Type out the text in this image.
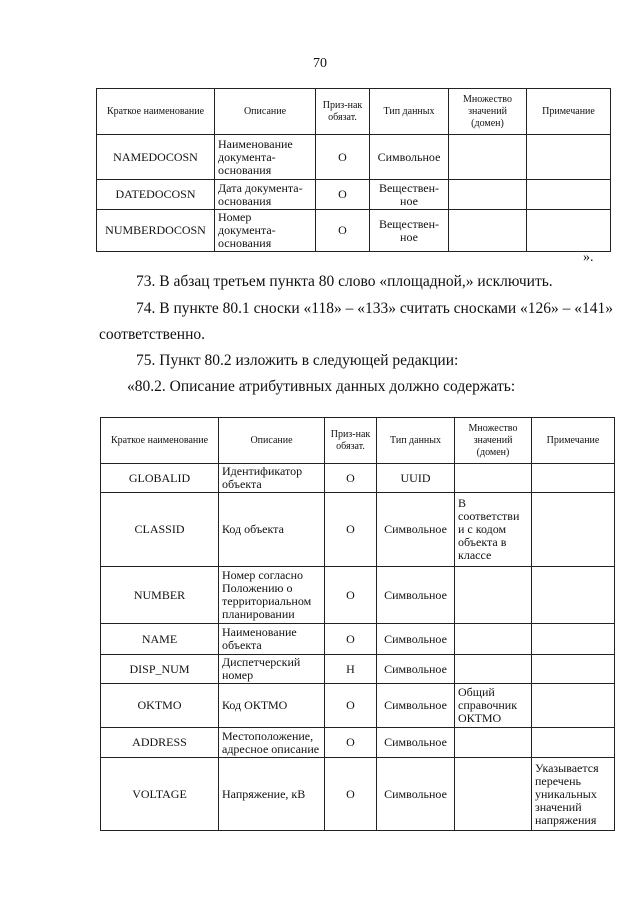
70
Краткое наименование	Описание	Приз-нак обязат.	Тип данных	Множество значений (домен)	Примечание
NAMEDOCOSN	Наименование документа-основания	O	Символьное		
DATEDOCOSN	Дата документа-основания	O	Веществен-ное		
NUMBERDOCOSN	Номер документа-основания	O	Веществен-ное		
».
73. В абзац третьем пункта 80 слово «площадной,» исключить.
74. В пункте 80.1 сноски «118» – «133» считать сносками «126» – «141»
соответственно.
75. Пункт 80.2 изложить в следующей редакции:
«80.2. Описание атрибутивных данных должно содержать:
Краткое наименование	Описание	Приз-нак обязат.	Тип данных	Множество значений (домен)	Примечание
GLOBALID	Идентификатор объекта	O	UUID		
CLASSID	Код объекта	O	Символьное	В соответстви и с кодом объекта в классе	
NUMBER	Номер согласно Положению о территориальном планировании	O	Символьное		
NAME	Наименование объекта	O	Символьное		
DISP_NUM	Диспетчерский номер	Н	Символьное		
OKTMO	Код ОКТМО	O	Символьное	Общий справочник ОКТМО	
ADDRESS	Местоположение, адресное описание	O	Символьное		
VOLTAGE	Напряжение, кВ	O	Символьное		Указывается перечень уникальных значений напряжения
